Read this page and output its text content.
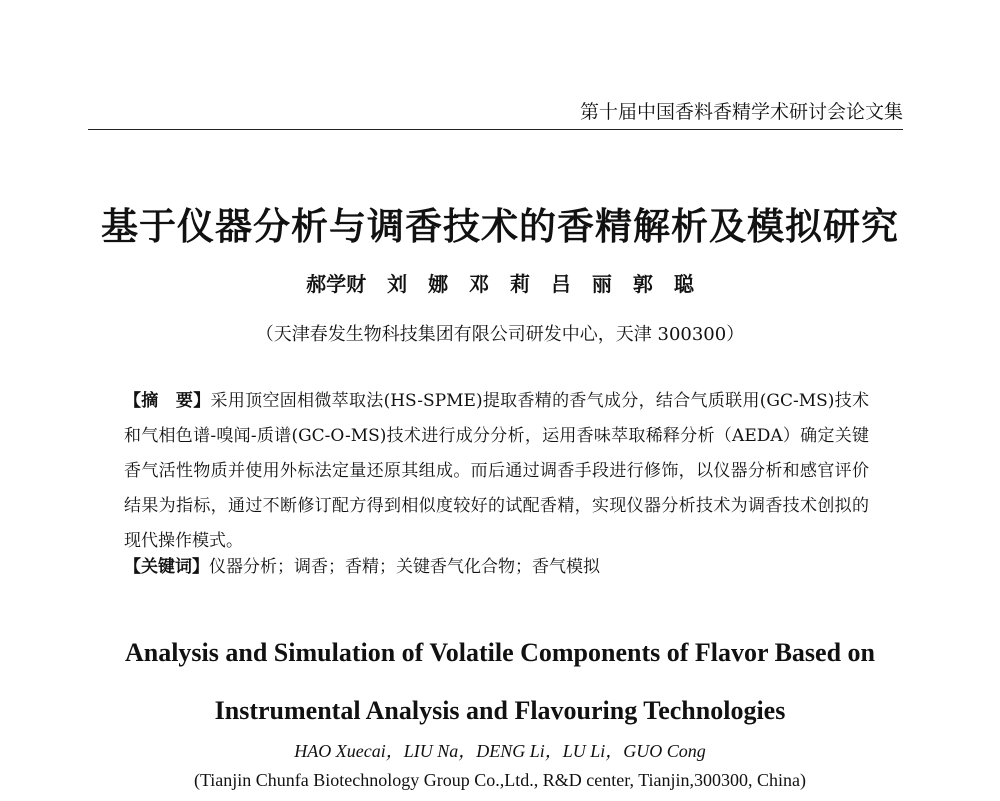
第十届中国香料香精学术研讨会论文集
基于仪器分析与调香技术的香精解析及模拟研究
郝学财 刘 娜 邓 莉 吕 丽 郭 聪
（天津春发生物科技集团有限公司研发中心，天津 300300）
【摘　要】采用顶空固相微萃取法(HS-SPME)提取香精的香气成分，结合气质联用(GC-MS)技术和气相色谱-嗅闻-质谱(GC-O-MS)技术进行成分分析，运用香味萃取稀释分析（AEDA）确定关键香气活性物质并使用外标法定量还原其组成。而后通过调香手段进行修饰，以仪器分析和感官评价结果为指标，通过不断修订配方得到相似度较好的试配香精，实现仪器分析技术为调香技术创拟的现代操作模式。
【关键词】仪器分析；调香；香精；关键香气化合物；香气模拟
Analysis and Simulation of Volatile Components of Flavor Based on
Instrumental Analysis and Flavouring Technologies
HAO Xuecai，LIU Na，DENG Li，LU Li，GUO Cong
(Tianjin Chunfa Biotechnology Group Co.,Ltd., R&D center, Tianjin,300300, China)
